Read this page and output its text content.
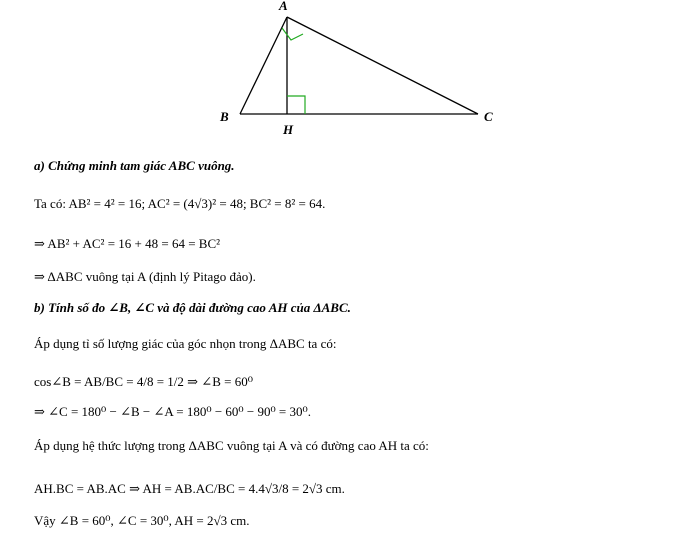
A
B	C
H
a) Chứng minh tam giác ABC vuông.
Ta có: AB² = 4² = 16; AC² = (4√3)² = 48; BC² = 8² = 64.
⇒ AB² + AC² = 16 + 48 = 64 = BC²
⇒ ΔABC vuông tại A (định lý Pitago đảo).
b) Tính số đo ∠B, ∠C và độ dài đường cao AH của ΔABC.
Áp dụng tỉ số lượng giác của góc nhọn trong ΔABC ta có:
cos∠B = AB/BC = 4/8 = 1/2 ⇒ ∠B = 60⁰
⇒ ∠C = 180⁰ − ∠B − ∠A = 180⁰ − 60⁰ − 90⁰ = 30⁰.
Áp dụng hệ thức lượng trong ΔABC vuông tại A và có đường cao AH ta có:
AH.BC = AB.AC ⇒ AH = AB.AC/BC = 4.4√3/8 = 2√3 cm.
Vậy ∠B = 60⁰, ∠C = 30⁰, AH = 2√3 cm.
